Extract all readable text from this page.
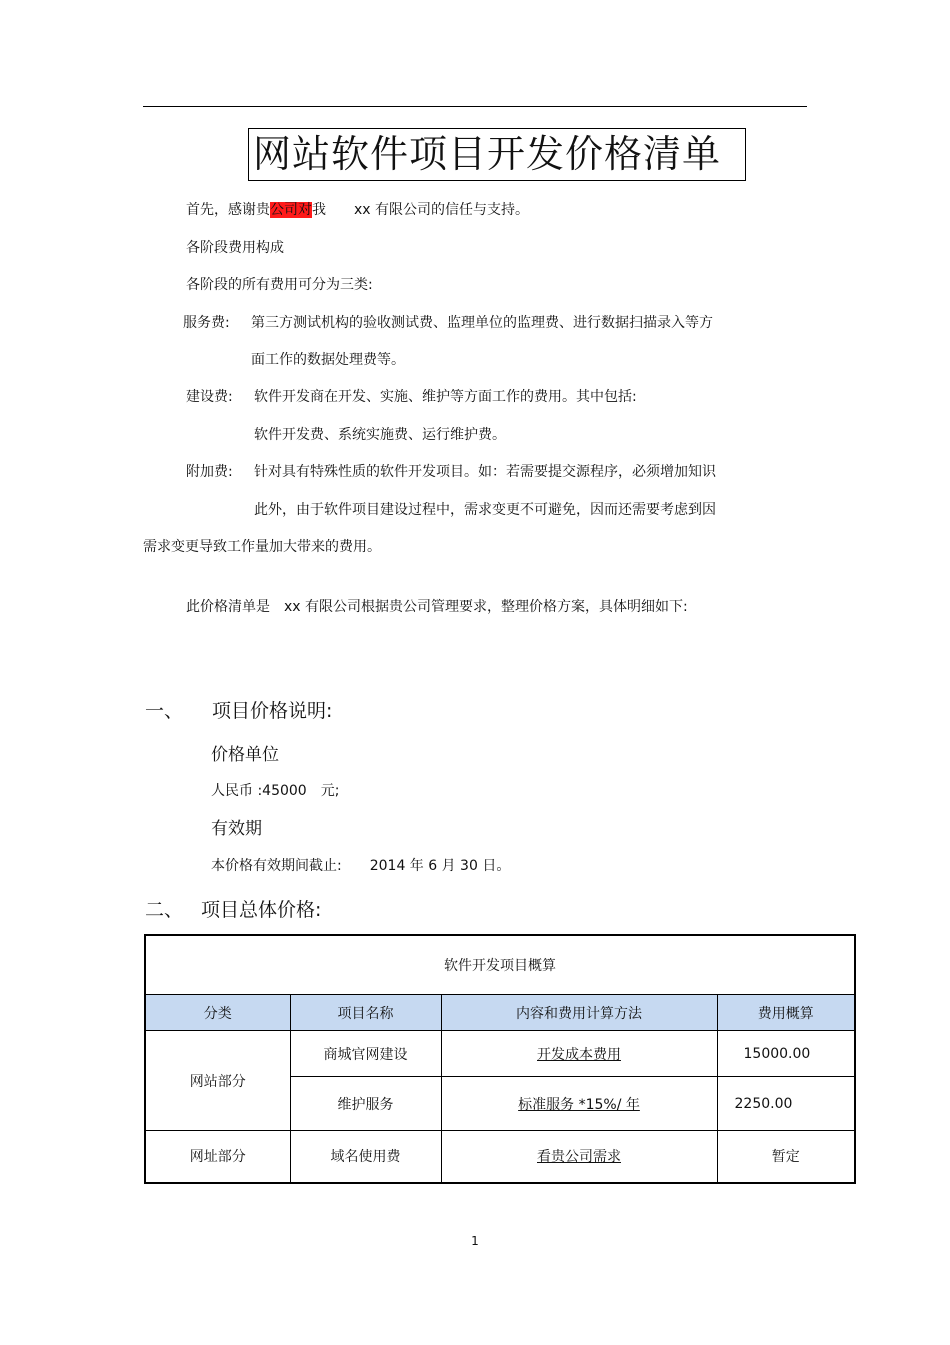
网站软件项目开发价格清单
首先，感谢贵公司对我　　xx 有限公司的信任与支持。
各阶段费用构成
各阶段的所有费用可分为三类:
服务费: 第三方测试机构的验收测试费、监理单位的监理费、进行数据扫描录入等方
面工作的数据处理费等。
建设费: 软件开发商在开发、实施、维护等方面工作的费用。其中包括:
软件开发费、系统实施费、运行维护费。
附加费: 针对具有特殊性质的软件开发项目。如：若需要提交源程序，必须增加知识
此外，由于软件项目建设过程中，需求变更不可避免，因而还需要考虑到因
需求变更导致工作量加大带来的费用。
此价格清单是　xx 有限公司根据贵公司管理要求，整理价格方案，具体明细如下:
一、 项目价格说明:
价格单位
人民币 :45000　元;
有效期
本价格有效期间截止:　　2014 年 6 月 30 日。
二、 项目总体价格:
软件开发项目概算			
分类	项目名称	内容和费用计算方法	费用概算
网站部分	商城官网建设	开发成本费用	15000.00
	维护服务	标准服务 *15%/ 年	2250.00
网址部分	域名使用费	看贵公司需求	暂定
1
